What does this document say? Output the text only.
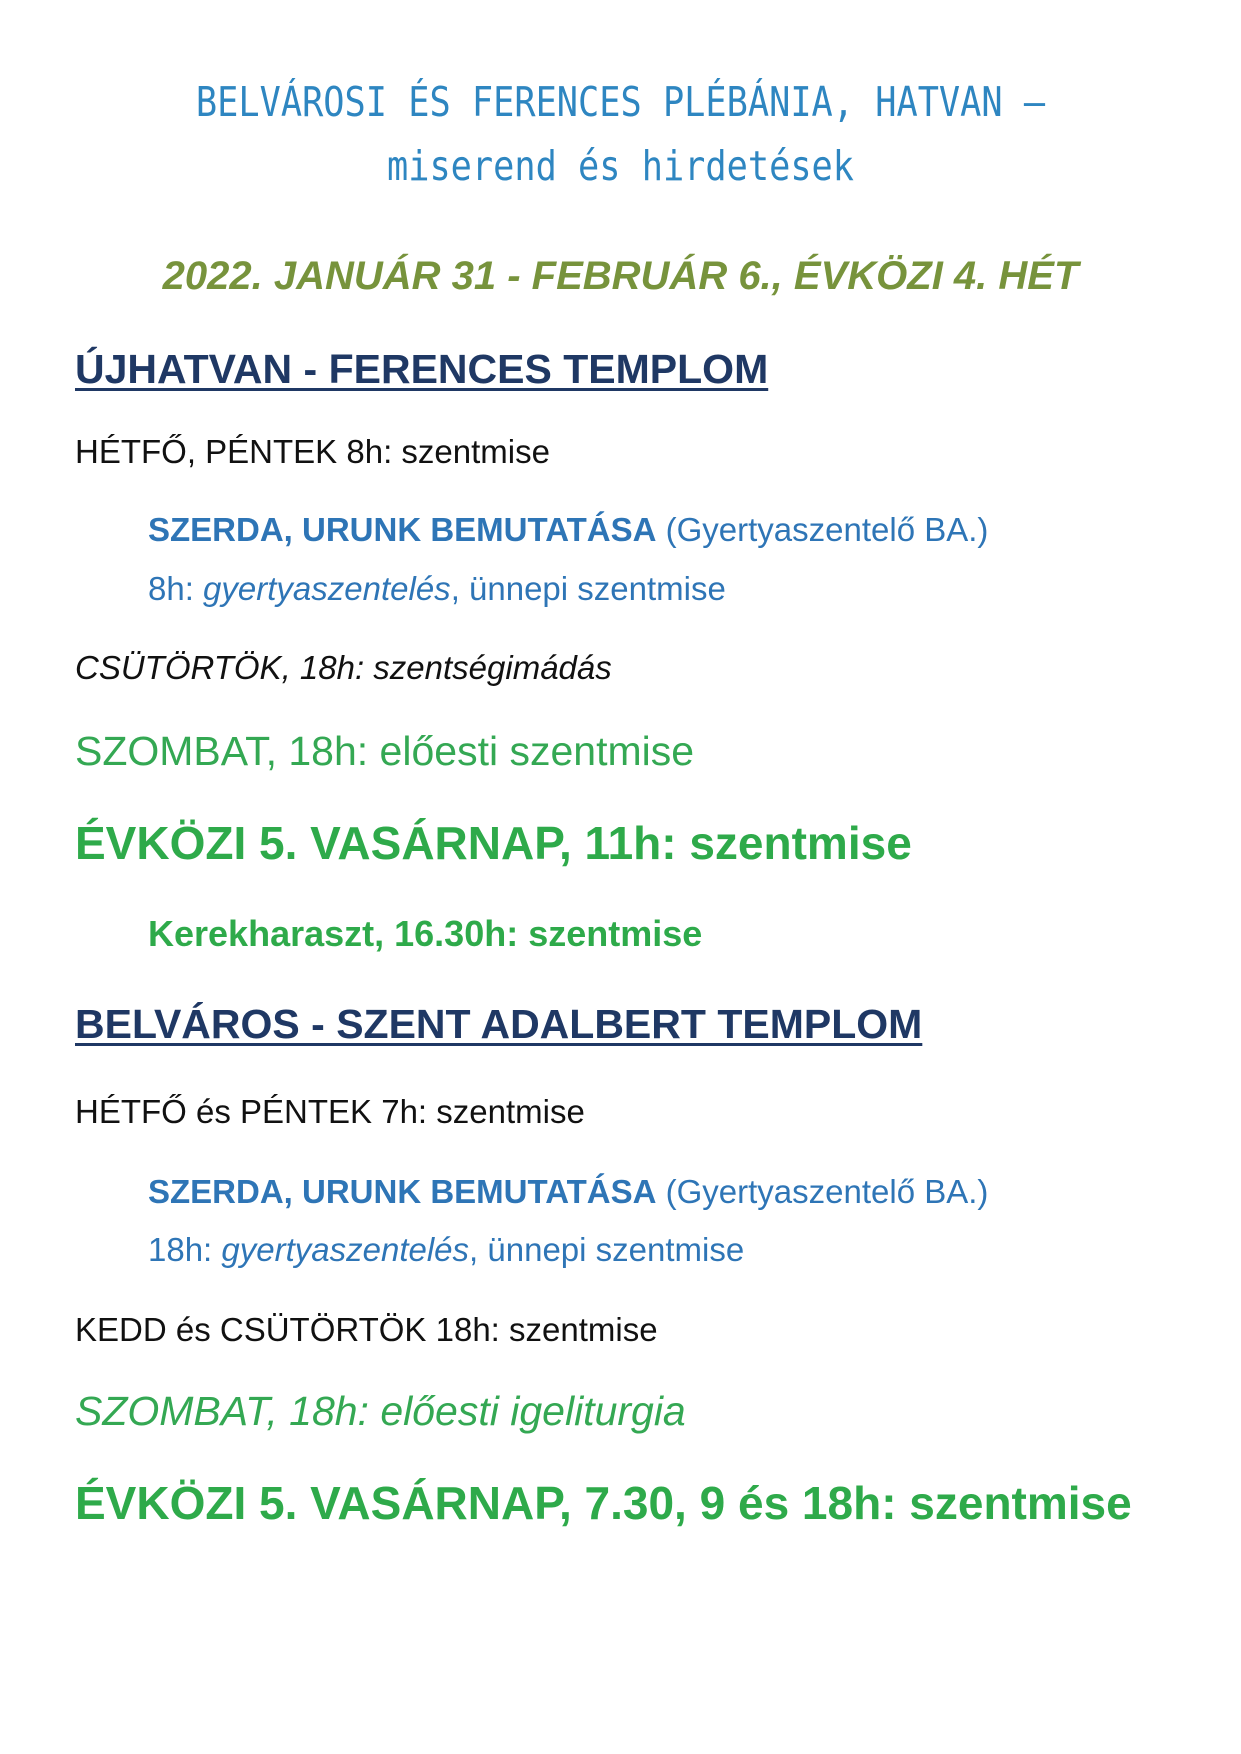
BELVÁROSI ÉS FERENCES PLÉBÁNIA, HATVAN –
miserend és hirdetések
2022. JANUÁR 31 - FEBRUÁR 6., ÉVKÖZI 4. HÉT
ÚJHATVAN - FERENCES TEMPLOM
HÉTFŐ, PÉNTEK 8h: szentmise
SZERDA, URUNK BEMUTATÁSA (Gyertyaszentelő BA.)
8h: gyertyaszentelés, ünnepi szentmise
CSÜTÖRTÖK, 18h: szentségimádás
SZOMBAT, 18h: előesti szentmise
ÉVKÖZI 5. VASÁRNAP, 11h: szentmise
Kerekharaszt, 16.30h: szentmise
BELVÁROS - SZENT ADALBERT TEMPLOM
HÉTFŐ és PÉNTEK 7h: szentmise
SZERDA, URUNK BEMUTATÁSA (Gyertyaszentelő BA.)
18h: gyertyaszentelés, ünnepi szentmise
KEDD és CSÜTÖRTÖK 18h: szentmise
SZOMBAT, 18h: előesti igeliturgia
ÉVKÖZI 5. VASÁRNAP, 7.30, 9 és 18h: szentmise
